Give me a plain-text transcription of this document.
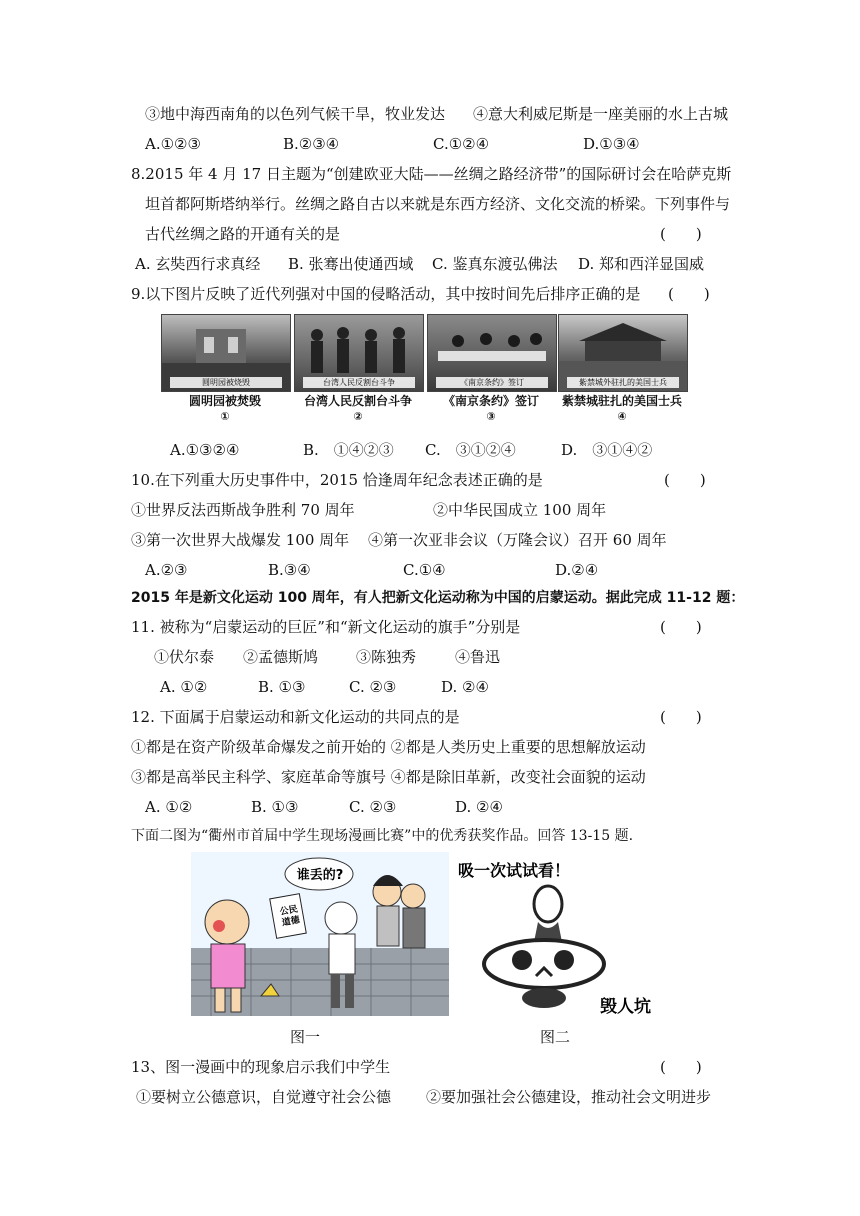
③地中海西南角的以色列气候干旱，牧业发达 ④意大利威尼斯是一座美丽的水上古城
A.①②③	B.②③④	C.①②④	D.①③④
8.2015 年 4 月 17 日主题为“创建欧亚大陆——丝绸之路经济带”的国际研讨会在哈萨克斯
坦首都阿斯塔纳举行。丝绸之路自古以来就是东西方经济、文化交流的桥梁。下列事件与
古代丝绸之路的开通有关的是	(　　)
A. 玄奘西行求真经 B. 张骞出使通西域 C. 鉴真东渡弘佛法 D. 郑和西洋显国威
9.以下图片反映了近代列强对中国的侵略活动，其中按时间先后排序正确的是 (　　)
圆明园被烧毁	台湾人民反割台斗争	《南京条约》签订	紫禁城外驻扎的美国士兵
圆明园被焚毁	台湾人民反割台斗争	《南京条约》签订	紫禁城驻扎的美国士兵
①	②	③	④
A.①③②④	B.　①④②③ C.　③①②④	D.　③①④②
10.在下列重大历史事件中，2015 恰逢周年纪念表述正确的是	(　　)
①世界反法西斯战争胜利 70 周年	②中华民国成立 100 周年
③第一次世界大战爆发 100 周年 ④第一次亚非会议（万隆会议）召开 60 周年
A.②③	B.③④	C.①④	D.②④
2015 年是新文化运动 100 周年，有人把新文化运动称为中国的启蒙运动。据此完成 11-12 题：
11. 被称为“启蒙运动的巨匠”和“新文化运动的旗手”分别是	(　　)
①伏尔泰 ②孟德斯鸠	③陈独秀	④鲁迅
A. ①②	B. ①③	C. ②③	D. ②④
12. 下面属于启蒙运动和新文化运动的共同点的是	(　　)
①都是在资产阶级革命爆发之前开始的 ②都是人类历史上重要的思想解放运动
③都是高举民主科学、家庭革命等旗号 ④都是除旧革新，改变社会面貌的运动
A. ①②	B. ①③	C. ②③	D. ②④
下面二图为“衢州市首届中学生现场漫画比赛”中的优秀获奖作品。回答 13-15 题.
谁丢的?
公民道德
吸一次试试看！
毁人坑
图一	图二
13、图一漫画中的现象启示我们中学生	(　　)
①要树立公德意识，自觉遵守社会公德 ②要加强社会公德建设，推动社会文明进步
